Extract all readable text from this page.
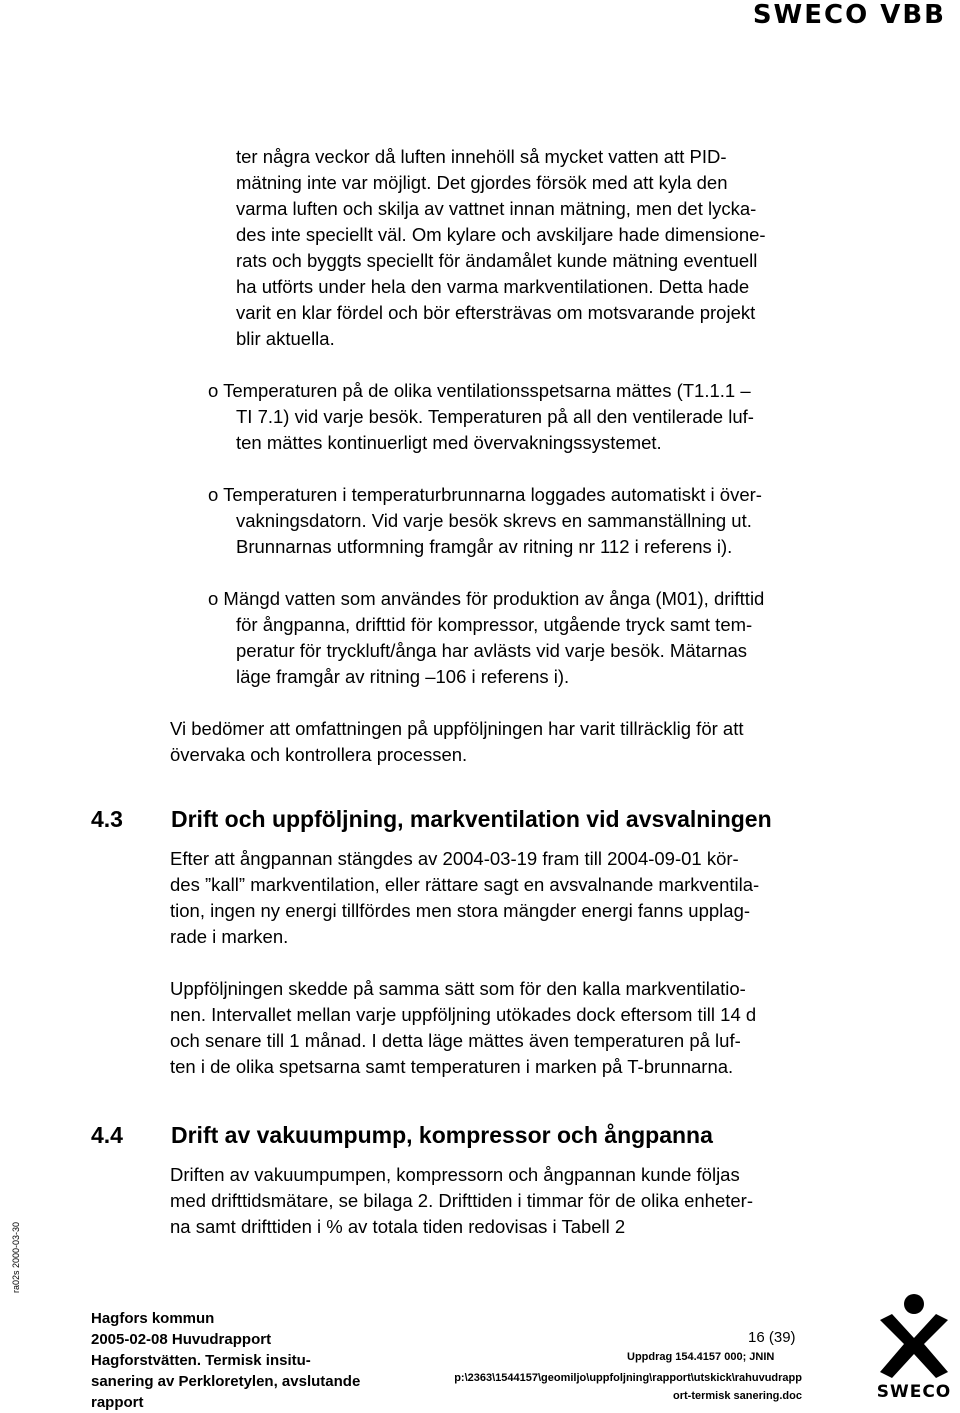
SWECO VBB

ter några veckor då luften innehöll så mycket vatten att PID-
mätning inte var möjligt. Det gjordes försök med att kyla den
varma luften och skilja av vattnet innan mätning, men det lycka-
des inte speciellt väl. Om kylare och avskiljare hade dimensione-
rats och byggts speciellt för ändamålet kunde mätning eventuell
ha utförts under hela den varma markventilationen. Detta hade
varit en klar fördel och bör eftersträvas om motsvarande projekt
blir aktuella.

o Temperaturen på de olika ventilationsspetsarna mättes (T1.1.1 –
TI 7.1) vid varje besök. Temperaturen på all den ventilerade luf-
ten mättes kontinuerligt med övervakningssystemet.

o Temperaturen i temperaturbrunnarna loggades automatiskt i över-
vakningsdatorn. Vid varje besök skrevs en sammanställning ut.
Brunnarnas utformning framgår av ritning nr 112 i referens i).

o Mängd vatten som användes för produktion av ånga (M01), drifttid
för ångpanna, drifttid för kompressor, utgående tryck samt tem-
peratur för tryckluft/ånga har avlästs vid varje besök. Mätarnas
läge framgår av ritning –106 i referens i).

Vi bedömer att omfattningen på uppföljningen har varit tillräcklig för att
övervaka och kontrollera processen.

4.3 Drift och uppföljning, markventilation vid avsvalningen

Efter att ångpannan stängdes av 2004-03-19 fram till 2004-09-01 kör-
des ”kall” markventilation, eller rättare sagt en avsvalnande markventila-
tion, ingen ny energi tillfördes men stora mängder energi fanns upplag-
rade i marken.

Uppföljningen skedde på samma sätt som för den kalla markventilatio-
nen. Intervallet mellan varje uppföljning utökades dock eftersom till 14 d
och senare till 1 månad. I detta läge mättes även temperaturen på luf-
ten i de olika spetsarna samt temperaturen i marken på T-brunnarna.

4.4 Drift av vakuumpump, kompressor och ångpanna

Driften av vakuumpumpen, kompressorn och ångpannan kunde följas
med drifttidsmätare, se bilaga 2. Drifttiden i timmar för de olika enheter-
na samt drifttiden i % av totala tiden redovisas i Tabell 2

ra02s 2000-03-30
Hagfors kommun
2005-02-08 Huvudrapport
Hagforstvätten. Termisk insitu-
sanering av Perkloretylen, avslutande
rapport
16 (39)
Uppdrag 154.4157 000; JNIN
p:\2363\1544157\geomiljo\uppfoljning\rapport\utskick\rahuvudrapp
ort-termisk sanering.doc	SWECO
